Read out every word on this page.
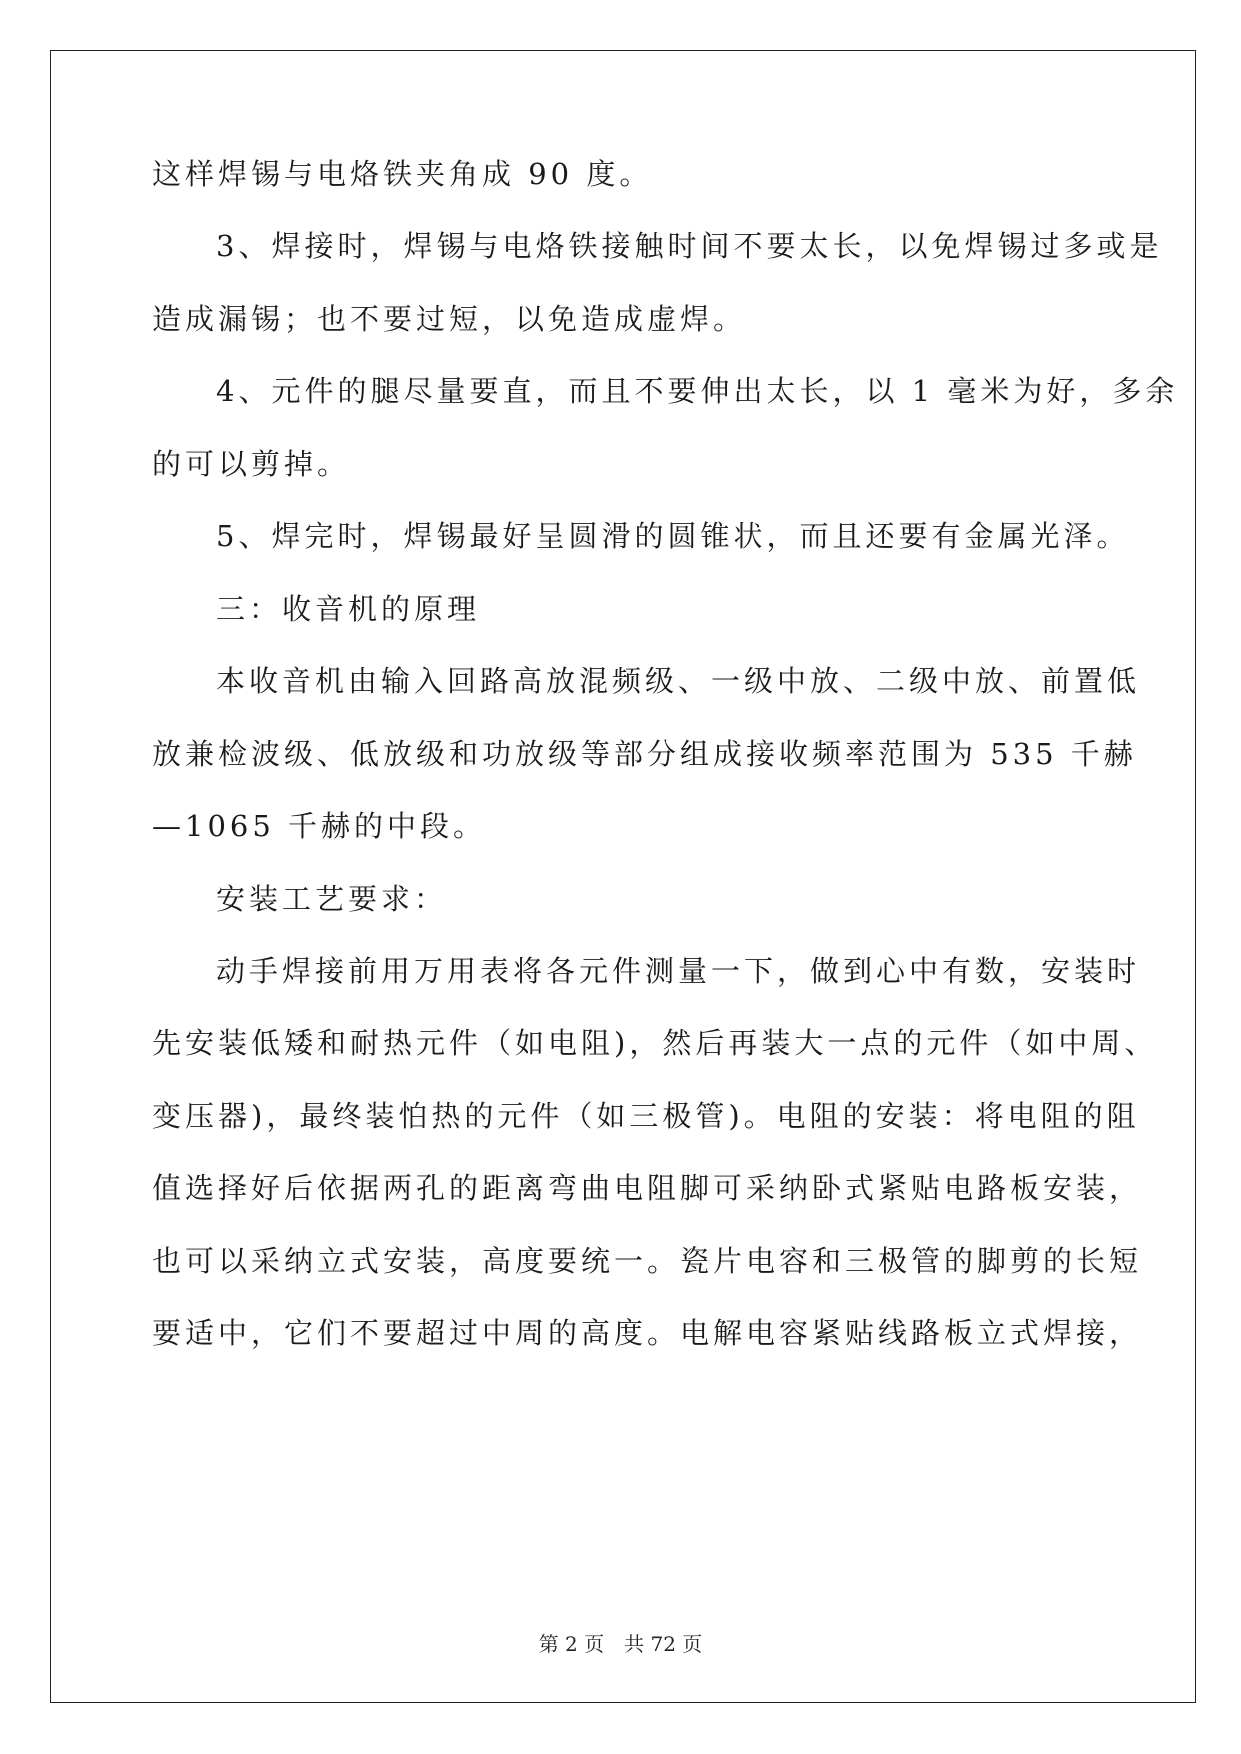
这样焊锡与电烙铁夹角成 90 度。
3、焊接时，焊锡与电烙铁接触时间不要太长，以免焊锡过多或是
造成漏锡；也不要过短，以免造成虚焊。
4、元件的腿尽量要直，而且不要伸出太长，以 1 毫米为好，多余
的可以剪掉。
5、焊完时，焊锡最好呈圆滑的圆锥状，而且还要有金属光泽。
三：收音机的原理
本收音机由输入回路高放混频级、一级中放、二级中放、前置低
放兼检波级、低放级和功放级等部分组成接收频率范围为 535 千赫
—1065 千赫的中段。
安装工艺要求：
动手焊接前用万用表将各元件测量一下，做到心中有数，安装时
先安装低矮和耐热元件（如电阻)，然后再装大一点的元件（如中周、
变压器)，最终装怕热的元件（如三极管)。电阻的安装：将电阻的阻
值选择好后依据两孔的距离弯曲电阻脚可采纳卧式紧贴电路板安装，
也可以采纳立式安装，高度要统一。瓷片电容和三极管的脚剪的长短
要适中，它们不要超过中周的高度。电解电容紧贴线路板立式焊接，
第 2 页　共 72 页
